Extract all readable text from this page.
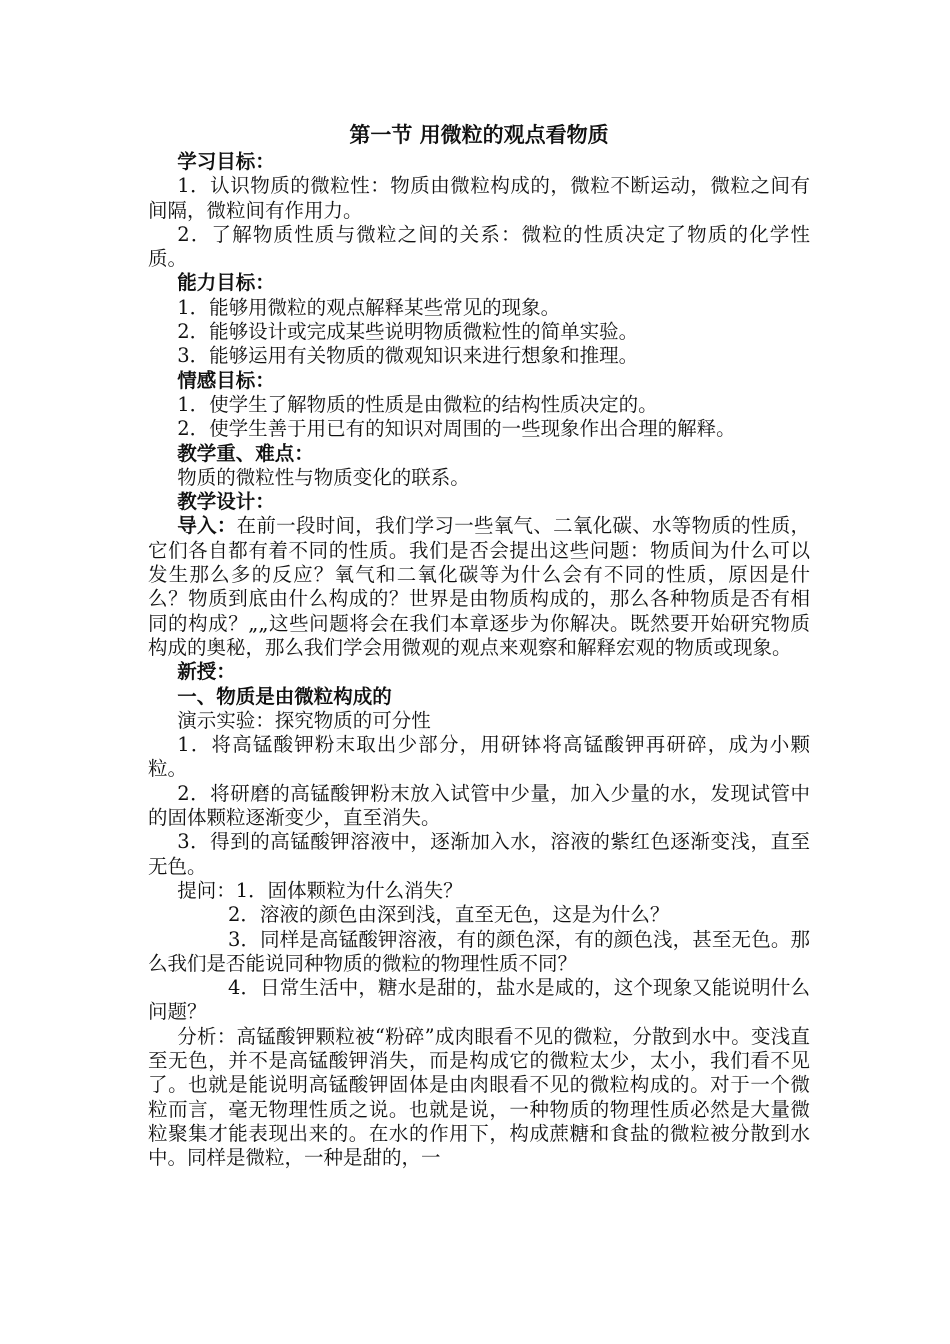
第一节 用微粒的观点看物质

学习目标：

1．认识物质的微粒性：物质由微粒构成的，微粒不断运动，微粒之间有间隔，微粒间有作用力。

2．了解物质性质与微粒之间的关系：微粒的性质决定了物质的化学性质。

能力目标：

1．能够用微粒的观点解释某些常见的现象。

2．能够设计或完成某些说明物质微粒性的简单实验。

3．能够运用有关物质的微观知识来进行想象和推理。

情感目标：

1．使学生了解物质的性质是由微粒的结构性质决定的。

2．使学生善于用已有的知识对周围的一些现象作出合理的解释。

教学重、难点：

物质的微粒性与物质变化的联系。

教学设计：

导入：在前一段时间，我们学习一些氧气、二氧化碳、水等物质的性质，它们各自都有着不同的性质。我们是否会提出这些问题：物质间为什么可以发生那么多的反应？氧气和二氧化碳等为什么会有不同的性质，原因是什么？物质到底由什么构成的？世界是由物质构成的，那么各种物质是否有相同的构成？„„这些问题将会在我们本章逐步为你解决。既然要开始研究物质构成的奥秘，那么我们学会用微观的观点来观察和解释宏观的物质或现象。

新授：

一、物质是由微粒构成的

演示实验：探究物质的可分性

1．将高锰酸钾粉末取出少部分，用研钵将高锰酸钾再研碎，成为小颗粒。

2．将研磨的高锰酸钾粉末放入试管中少量，加入少量的水，发现试管中的固体颗粒逐渐变少，直至消失。

3．得到的高锰酸钾溶液中，逐渐加入水，溶液的紫红色逐渐变浅，直至无色。

提问：1．固体颗粒为什么消失？

2．溶液的颜色由深到浅，直至无色，这是为什么？

3．同样是高锰酸钾溶液，有的颜色深，有的颜色浅，甚至无色。那么我们是否能说同种物质的微粒的物理性质不同？

4．日常生活中，糖水是甜的，盐水是咸的，这个现象又能说明什么问题？

分析：高锰酸钾颗粒被“粉碎”成肉眼看不见的微粒，分散到水中。变浅直至无色，并不是高锰酸钾消失，而是构成它的微粒太少，太小，我们看不见了。也就是能说明高锰酸钾固体是由肉眼看不见的微粒构成的。对于一个微粒而言，毫无物理性质之说。也就是说，一种物质的物理性质必然是大量微粒聚集才能表现出来的。在水的作用下，构成蔗糖和食盐的微粒被分散到水中。同样是微粒，一种是甜的，一
